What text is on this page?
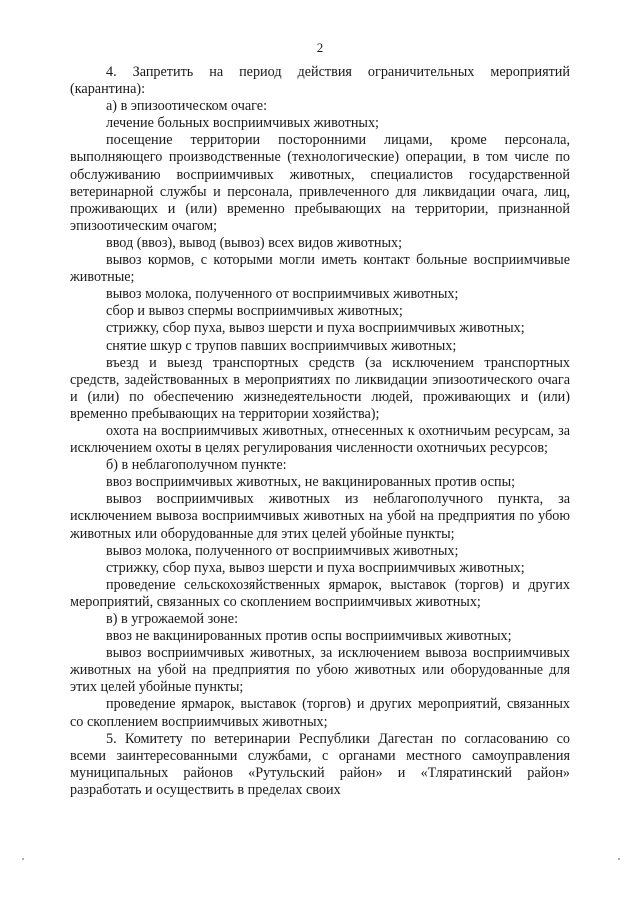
2

4. Запретить на период действия ограничительных мероприятий (карантина):

а) в эпизоотическом очаге:

лечение больных восприимчивых животных;

посещение территории посторонними лицами, кроме персонала, выполняющего производственные (технологические) операции, в том числе по обслуживанию восприимчивых животных, специалистов государственной ветеринарной службы и персонала, привлеченного для ликвидации очага, лиц, проживающих и (или) временно пребывающих на территории, признанной эпизоотическим очагом;

ввод (ввоз), вывод (вывоз) всех видов животных;

вывоз кормов, с которыми могли иметь контакт больные восприимчивые животные;

вывоз молока, полученного от восприимчивых животных;

сбор и вывоз спермы восприимчивых животных;

стрижку, сбор пуха, вывоз шерсти и пуха восприимчивых животных;

снятие шкур с трупов павших восприимчивых животных;

въезд и выезд транспортных средств (за исключением транспортных средств, задействованных в мероприятиях по ликвидации эпизоотического очага и (или) по обеспечению жизнедеятельности людей, проживающих и (или) временно пребывающих на территории хозяйства);

охота на восприимчивых животных, отнесенных к охотничьим ресурсам, за исключением охоты в целях регулирования численности охотничьих ресурсов;

б) в неблагополучном пункте:

ввоз восприимчивых животных, не вакцинированных против оспы;

вывоз восприимчивых животных из неблагополучного пункта, за исключением вывоза восприимчивых животных на убой на предприятия по убою животных или оборудованные для этих целей убойные пункты;

вывоз молока, полученного от восприимчивых животных;

стрижку, сбор пуха, вывоз шерсти и пуха восприимчивых животных;

проведение сельскохозяйственных ярмарок, выставок (торгов) и других мероприятий, связанных со скоплением восприимчивых животных;

в) в угрожаемой зоне:

ввоз не вакцинированных против оспы восприимчивых животных;

вывоз восприимчивых животных, за исключением вывоза восприимчивых животных на убой на предприятия по убою животных или оборудованные для этих целей убойные пункты;

проведение ярмарок, выставок (торгов) и других мероприятий, связанных со скоплением восприимчивых животных;

5. Комитету по ветеринарии Республики Дагестан по согласованию со всеми заинтересованными службами, с органами местного самоуправления муниципальных районов «Рутульский район» и «Тляратинский район» разработать и осуществить в пределах своих
